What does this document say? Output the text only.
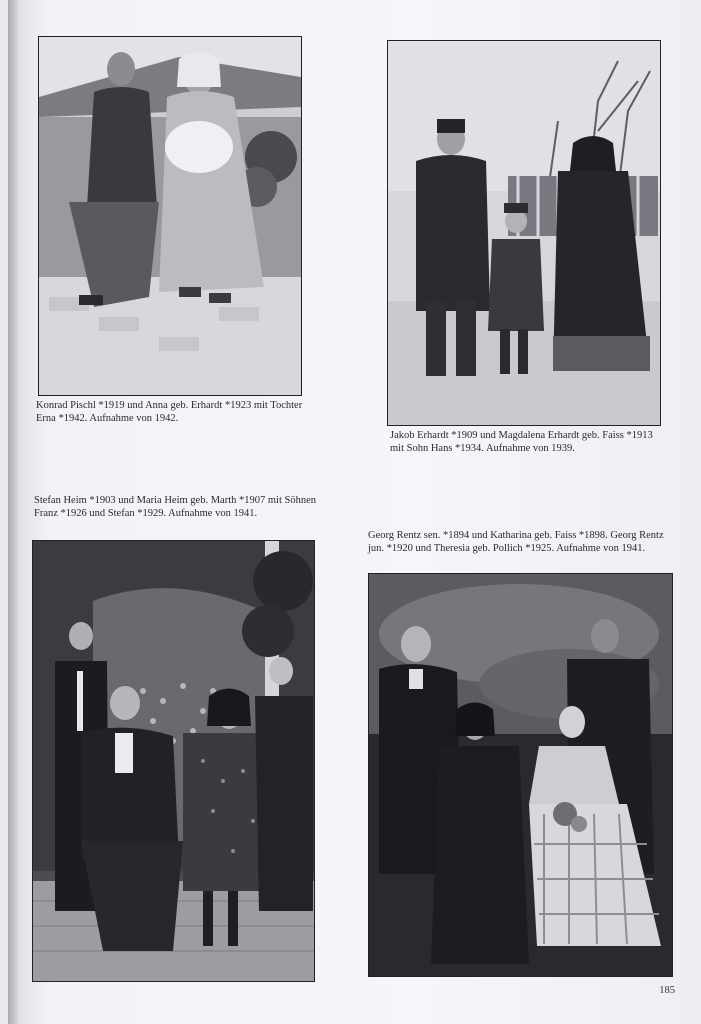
Konrad Pischl *1919 und Anna geb. Erhardt *1923 mit Tochter Erna *1942. Aufnahme von 1942.

Jakob Erhardt *1909 und Magdalena Erhardt geb. Faiss *1913 mit Sohn Hans *1934. Aufnahme von 1939.

Stefan Heim *1903 und Maria Heim geb. Marth *1907 mit Söhnen Franz *1926 und Stefan *1929. Aufnahme von 1941.

Georg Rentz sen. *1894 und Katharina geb. Faiss *1898. Georg Rentz jun. *1920 und Theresia geb. Pollich *1925. Aufnahme von 1941.

185
